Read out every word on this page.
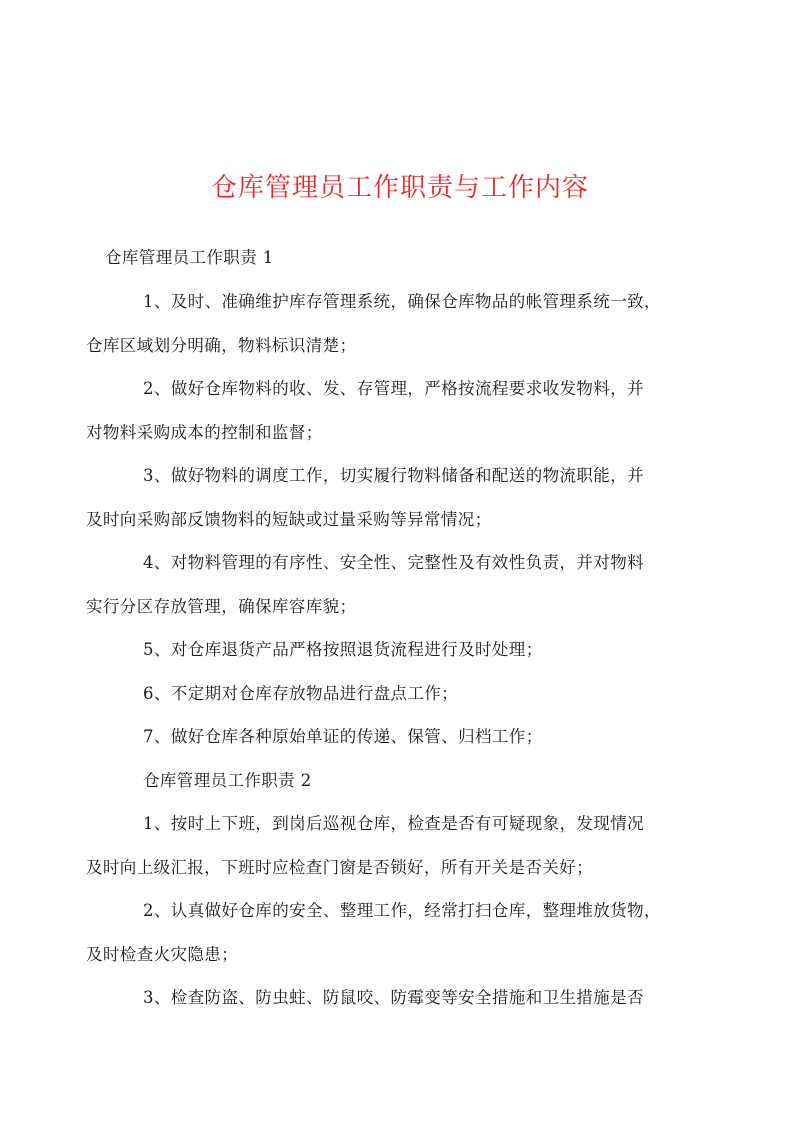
仓库管理员工作职责与工作内容
仓库管理员工作职责 1
1、及时、准确维护库存管理系统，确保仓库物品的帐管理系统一致，
仓库区域划分明确，物料标识清楚；
2、做好仓库物料的收、发、存管理，严格按流程要求收发物料，并
对物料采购成本的控制和监督；
3、做好物料的调度工作，切实履行物料储备和配送的物流职能，并
及时向采购部反馈物料的短缺或过量采购等异常情况；
4、对物料管理的有序性、安全性、完整性及有效性负责，并对物料
实行分区存放管理，确保库容库貌；
5、对仓库退货产品严格按照退货流程进行及时处理；
6、不定期对仓库存放物品进行盘点工作；
7、做好仓库各种原始单证的传递、保管、归档工作；
仓库管理员工作职责 2
1、按时上下班，到岗后巡视仓库，检查是否有可疑现象，发现情况
及时向上级汇报，下班时应检查门窗是否锁好，所有开关是否关好；
2、认真做好仓库的安全、整理工作，经常打扫仓库，整理堆放货物，
及时检查火灾隐患；
3、检查防盗、防虫蛀、防鼠咬、防霉变等安全措施和卫生措施是否
